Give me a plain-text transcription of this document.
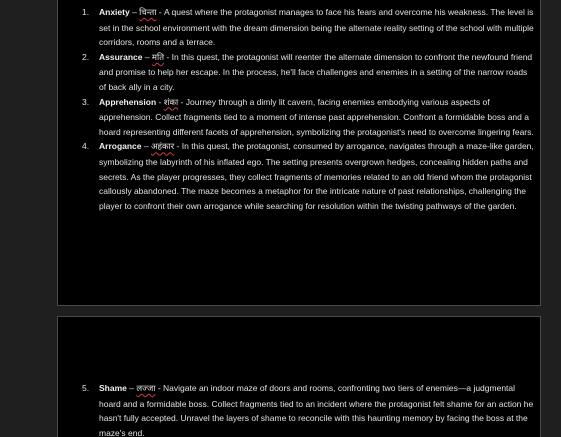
1.	Anxiety – चिन्ता - A quest where the protagonist manages to face his fears and overcome his weakness. The level is set in the school environment with the dream dimension being the alternate reality setting of the school with multiple corridors, rooms and a terrace.
2.	Assurance – मति - In this quest, the protagonist will reenter the alternate dimension to confront the newfound friend and promise to help her escape. In the process, he'll face challenges and enemies in a setting of the narrow roads of back ally in a city.
3.	Apprehension - शंका - Journey through a dimly lit cavern, facing enemies embodying various aspects of apprehension. Collect fragments tied to a moment of intense past apprehension. Confront a formidable boss and a hoard representing different facets of apprehension, symbolizing the protagonist's need to overcome lingering fears.
4.	Arrogance – अहंकार - In this quest, the protagonist, consumed by arrogance, navigates through a maze-like garden, symbolizing the labyrinth of his inflated ego. The setting presents overgrown hedges, concealing hidden paths and secrets. As the player progresses, they collect fragments of memories related to an old friend whom the protagonist callously abandoned. The maze becomes a metaphor for the intricate nature of past relationships, challenging the player to confront their own arrogance while searching for resolution within the twisting pathways of the garden.
5.	Shame – लज्जा - Navigate an indoor maze of doors and rooms, confronting two tiers of enemies—a judgmental hoard and a formidable boss. Collect fragments tied to an incident where the protagonist felt shame for an action he hasn't fully accepted. Unravel the layers of shame to reconcile with this haunting memory by facing the boss at the maze's end.
